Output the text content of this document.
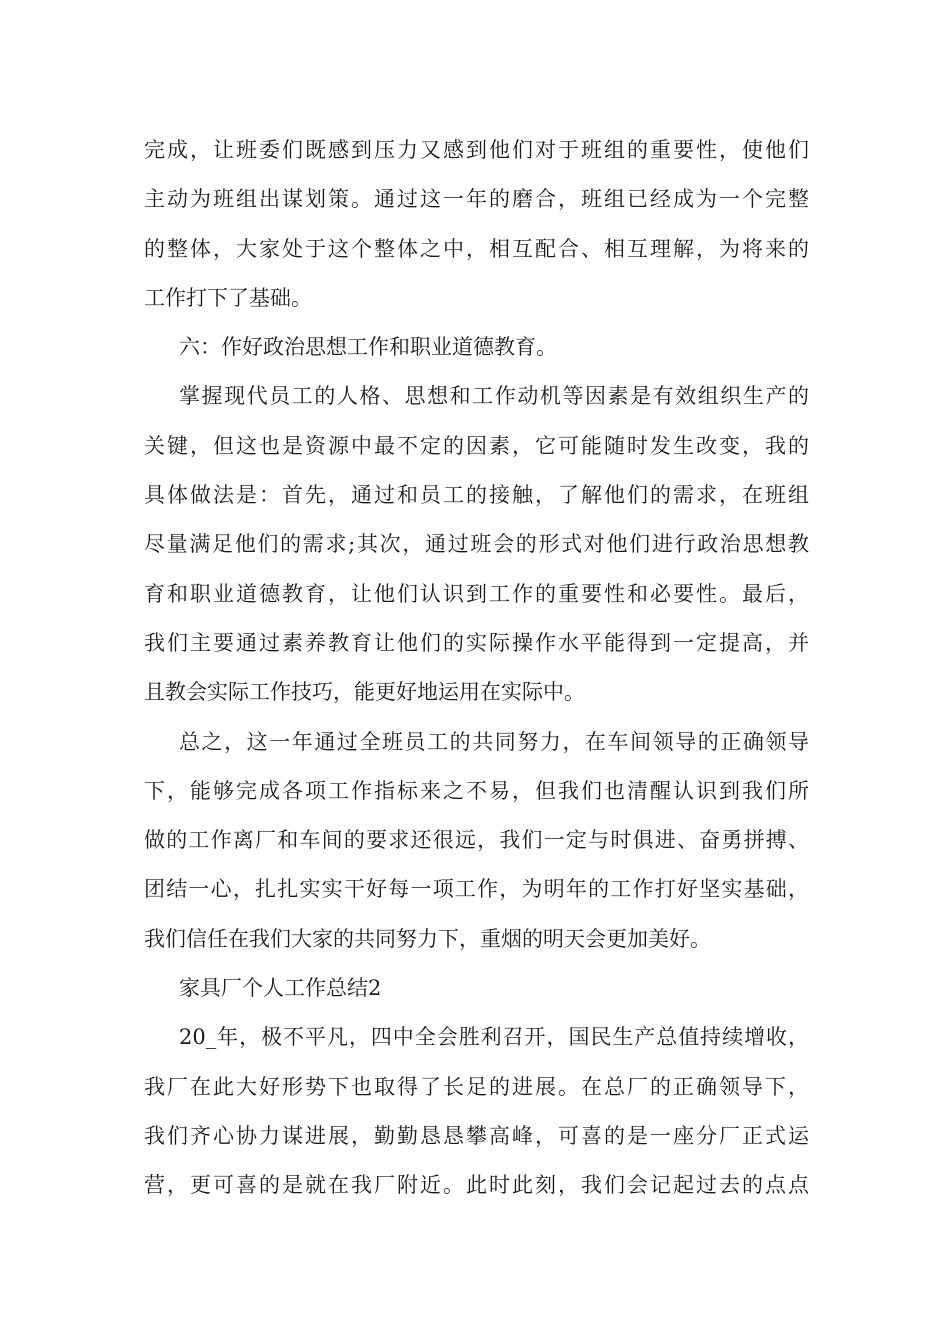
完成，让班委们既感到压力又感到他们对于班组的重要性，使他们
主动为班组出谋划策。通过这一年的磨合，班组已经成为一个完整
的整体，大家处于这个整体之中，相互配合、相互理解，为将来的
工作打下了基础。
六：作好政治思想工作和职业道德教育。
掌握现代员工的人格、思想和工作动机等因素是有效组织生产的
关键，但这也是资源中最不定的因素，它可能随时发生改变，我的
具体做法是：首先，通过和员工的接触，了解他们的需求，在班组
尽量满足他们的需求;其次，通过班会的形式对他们进行政治思想教
育和职业道德教育，让他们认识到工作的重要性和必要性。最后，
我们主要通过素养教育让他们的实际操作水平能得到一定提高，并
且教会实际工作技巧，能更好地运用在实际中。
总之，这一年通过全班员工的共同努力，在车间领导的正确领导
下，能够完成各项工作指标来之不易，但我们也清醒认识到我们所
做的工作离厂和车间的要求还很远，我们一定与时俱进、奋勇拼搏、
团结一心，扎扎实实干好每一项工作，为明年的工作打好坚实基础，
我们信任在我们大家的共同努力下，重烟的明天会更加美好。
家具厂个人工作总结2
20_年，极不平凡，四中全会胜利召开，国民生产总值持续增收，
我厂在此大好形势下也取得了长足的进展。在总厂的正确领导下，
我们齐心协力谋进展，勤勤恳恳攀高峰，可喜的是一座分厂正式运
营，更可喜的是就在我厂附近。此时此刻，我们会记起过去的点点
